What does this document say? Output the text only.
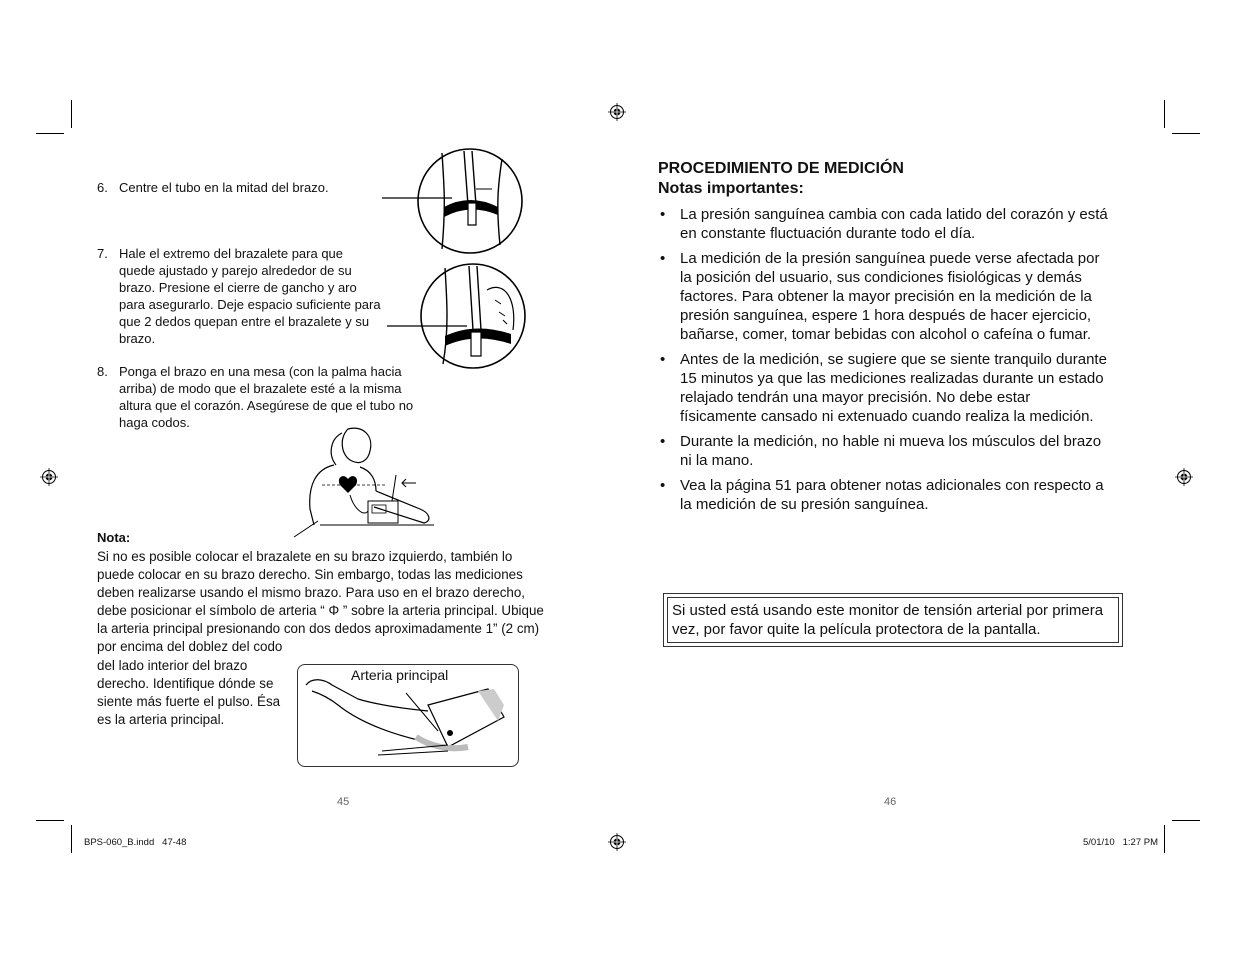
6. Centre el tubo en la mitad del brazo.
7. Hale el extremo del brazalete para que quede ajustado y parejo alrededor de su brazo. Presione el cierre de gancho y aro para asegurarlo. Deje espacio suficiente para que 2 dedos quepan entre el brazalete y su brazo.
8. Ponga el brazo en una mesa (con la palma hacia arriba) de modo que el brazalete esté a la misma altura que el corazón. Asegúrese de que el tubo no haga codos.
Nota:
Si no es posible colocar el brazalete en su brazo izquierdo, también lo puede colocar en su brazo derecho. Sin embargo, todas las mediciones deben realizarse usando el mismo brazo. Para uso en el brazo derecho, debe posicionar el símbolo de arteria “ Φ ” sobre la arteria principal. Ubique la arteria principal presionando con dos dedos aproximadamente 1” (2 cm) por encima del doblez del codo
del lado interior del brazo derecho. Identifique dónde se siente más fuerte el pulso. Ésa es la arteria principal.
Arteria principal
45
PROCEDIMIENTO DE MEDICIÓN
Notas importantes:
• La presión sanguínea cambia con cada latido del corazón y está en constante fluctuación durante todo el día.
• La medición de la presión sanguínea puede verse afectada por la posición del usuario, sus condiciones fisiológicas y demás factores. Para obtener la mayor precisión en la medición de la presión sanguínea, espere 1 hora después de hacer ejercicio, bañarse, comer, tomar bebidas con alcohol o cafeína o fumar.
• Antes de la medición, se sugiere que se siente tranquilo durante 15 minutos ya que las mediciones realizadas durante un estado relajado tendrán una mayor precisión. No debe estar físicamente cansado ni extenuado cuando realiza la medición.
• Durante la medición, no hable ni mueva los músculos del brazo ni la mano.
• Vea la página 51 para obtener notas adicionales con respecto a la medición de su presión sanguínea.
Si usted está usando este monitor de tensión arterial por primera vez, por favor quite la película protectora de la pantalla.
46
BPS-060_B.indd   47-48	5/01/10   1:27 PM
